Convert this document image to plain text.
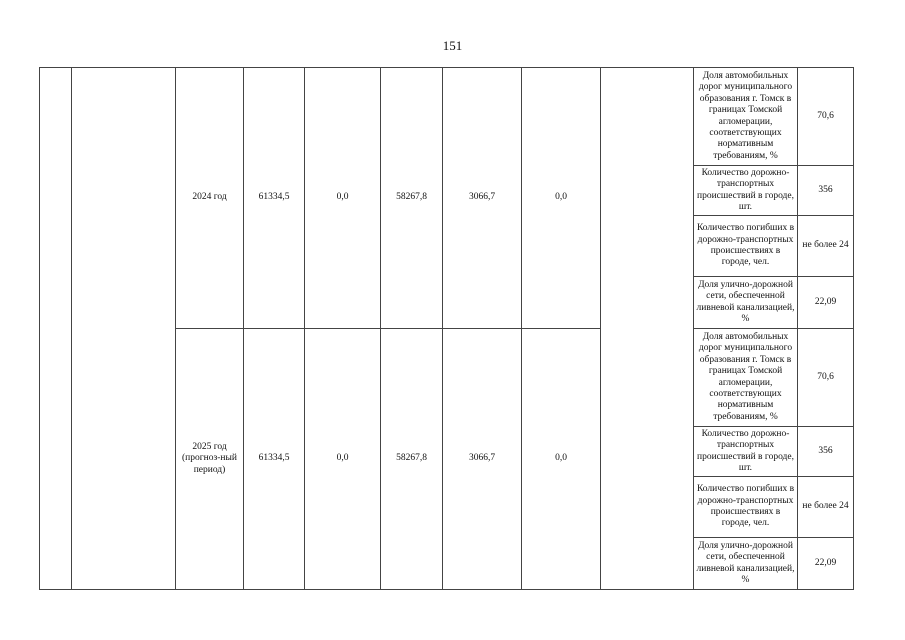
151
		2024 год	61334,5	0,0	58267,8	3066,7	0,0		Доля автомобильных дорог муниципального образования г. Томск в границах Томской агломерации, соответствующих нормативным требованиям, %	70,6
									Количество дорожно-транспортных происшествий в городе, шт.	356
									Количество погибших в дорожно-транспортных происшествиях в городе, чел.	не более 24
									Доля улично-дорожной сети, обеспеченной ливневой канализацией, %	22,09
		2025 год (прогноз-ный период)	61334,5	0,0	58267,8	3066,7	0,0		Доля автомобильных дорог муниципального образования г. Томск в границах Томской агломерации, соответствующих нормативным требованиям, %	70,6
									Количество дорожно-транспортных происшествий в городе, шт.	356
									Количество погибших в дорожно-транспортных происшествиях в городе, чел.	не более 24
									Доля улично-дорожной сети, обеспеченной ливневой канализацией, %	22,09
